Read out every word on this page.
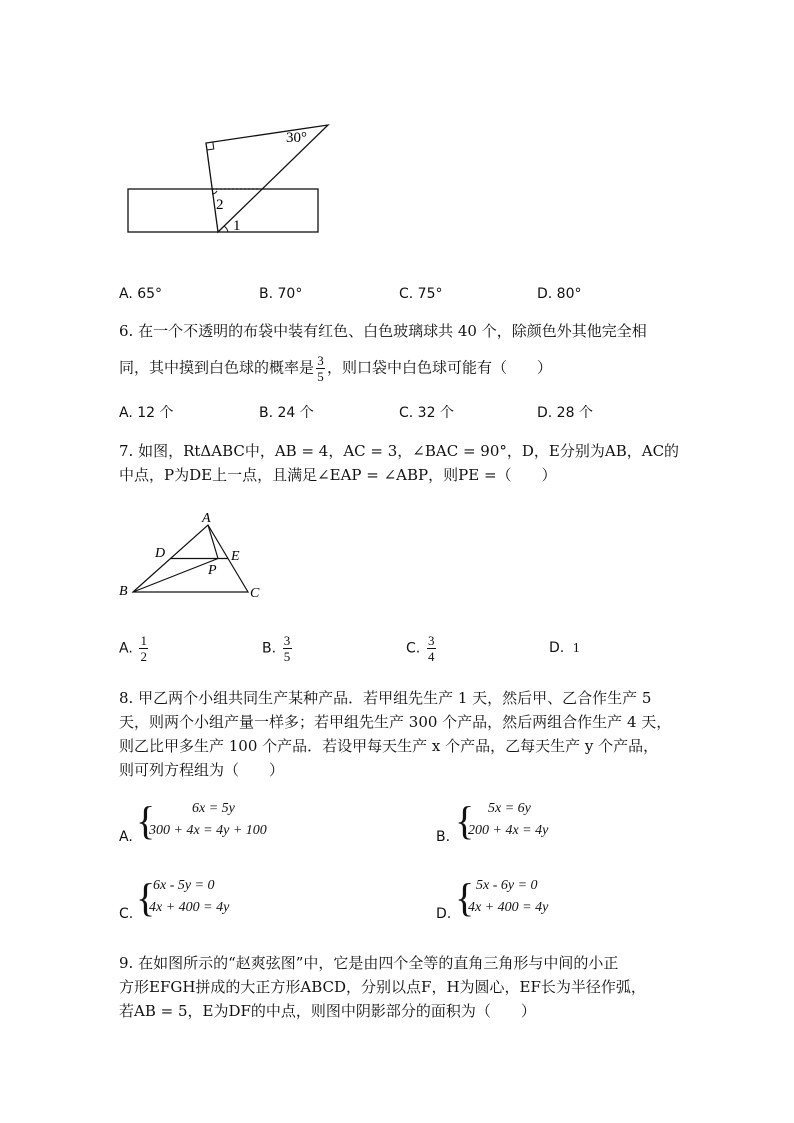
30°
2
1
A. 65°	B. 70°	C. 75°	D. 80°
6. 在一个不透明的布袋中装有红色、白色玻璃球共 40 个，除颜色外其他完全相
同，其中摸到白色球的概率是 $\frac{3}{5}$ ，则口袋中白色球可能有（　　）
A. 12 个	B. 24 个	C. 32 个	D. 28 个
7. 如图，RtΔABC中，AB = 4，AC = 3，∠BAC = 90°，D，E分别为AB，AC的
中点，P为DE上一点，且满足∠EAP = ∠ABP，则PE =（　　）
A
B	C
D	E
P
A. $\frac{1}{2}$	B. $\frac{3}{5}$	C. $\frac{3}{4}$	D. 1
8. 甲乙两个小组共同生产某种产品．若甲组先生产 1 天，然后甲、乙合作生产 5
天，则两个小组产量一样多；若甲组先生产 300 个产品，然后两组合作生产 4 天，
则乙比甲多生产 100 个产品．若设甲每天生产 x 个产品，乙每天生产 y 个产品，
则可列方程组为（　　）
A. {	6x = 5y
300 + 4x = 4y + 100	B. { 5x = 6y
200 + 4x = 4y
C. {
6x - 5y = 0
4x + 400 = 4y	D. { 5x - 6y = 0
4x + 400 = 4y
9. 在如图所示的“赵爽弦图”中，它是由四个全等的直角三角形与中间的小正
方形EFGH拼成的大正方形ABCD，分别以点F，H为圆心，EF长为半径作弧，
若AB = 5，E为DF的中点，则图中阴影部分的面积为（　　）
